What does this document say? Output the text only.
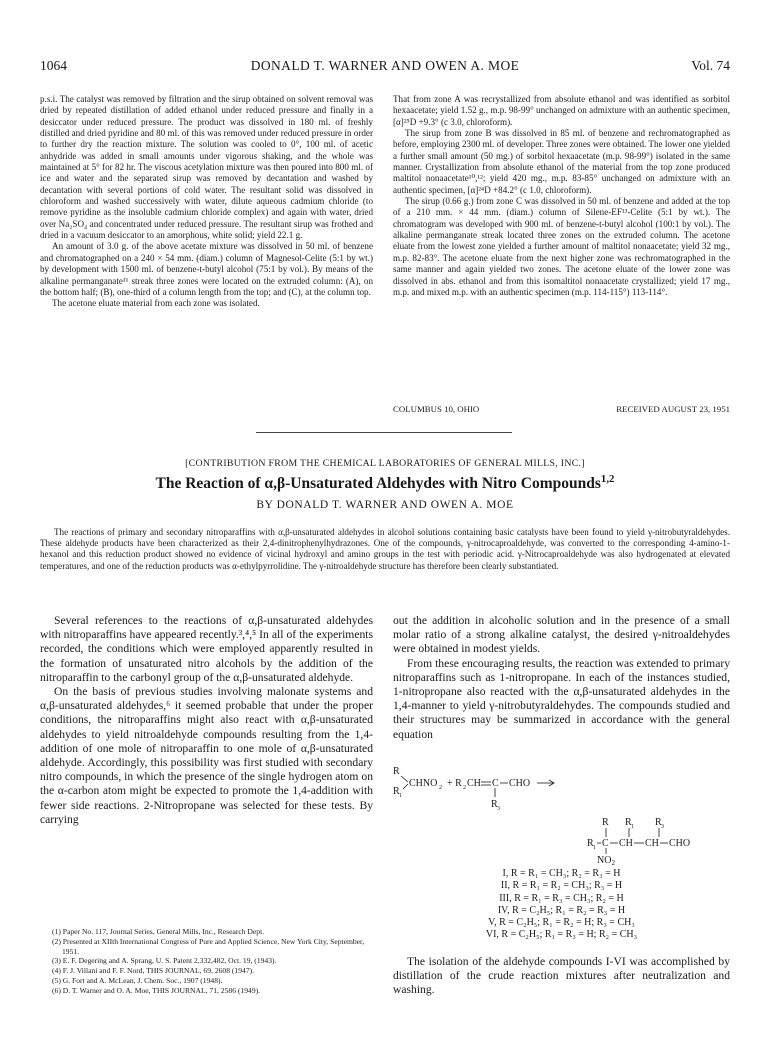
1064	DONALD T. WARNER AND OWEN A. MOE	Vol. 74

p.s.i. The catalyst was removed by filtration and the sirup obtained on solvent removal was dried by repeated distillation of added ethanol under reduced pressure and finally in a desiccator under reduced pressure. The product was dissolved in 180 ml. of freshly distilled and dried pyridine and 80 ml. of this was removed under reduced pressure in order to further dry the reaction mixture. The solution was cooled to 0°, 100 ml. of acetic anhydride was added in small amounts under vigorous shaking, and the whole was maintained at 5° for 82 hr. The viscous acetylation mixture was then poured into 800 ml. of ice and water and the separated sirup was removed by decantation and washed by decantation with several portions of cold water. The resultant solid was dissolved in chloroform and washed successively with water, dilute aqueous cadmium chloride (to remove pyridine as the insoluble cadmium chloride complex) and again with water, dried over Na₂SO₄ and concentrated under reduced pressure. The resultant sirup was frothed and dried in a vacuum desiccator to an amorphous, white solid; yield 22.1 g.

An amount of 3.0 g. of the above acetate mixture was dissolved in 50 ml. of benzene and chromatographed on a 240 × 54 mm. (diam.) column of Magnesol-Celite (5:1 by wt.) by development with 1500 ml. of benzene-t-butyl alcohol (75:1 by vol.). By means of the alkaline permanganate¹¹ streak three zones were located on the extruded column: (A), on the bottom half; (B), one-third of a column length from the top; and (C), at the column top.

The acetone eluate material from each zone was isolated.

That from zone A was recrystallized from absolute ethanol and was identified as sorbitol hexaacetate; yield 1.52 g., m.p. 98-99° unchanged on admixture with an authentic specimen, [α]²⁵D +9.3° (c 3.0, chloroform).

The sirup from zone B was dissolved in 85 ml. of benzene and rechromatographed as before, employing 2300 ml. of developer. Three zones were obtained. The lower one yielded a further small amount (50 mg.) of sorbitol hexaacetate (m.p. 98-99°) isolated in the same manner. Crystallization from absolute ethanol of the material from the top zone produced maltitol nonaacetate¹⁰,¹²; yield 420 mg., m.p. 83-85° unchanged on admixture with an authentic specimen, [α]²⁴D +84.2° (c 1.0, chloroform).

The sirup (0.66 g.) from zone C was dissolved in 50 ml. of benzene and added at the top of a 210 mm. × 44 mm. (diam.) column of Silene-EF¹³-Celite (5:1 by wt.). The chromatogram was developed with 900 ml. of benzene-t-butyl alcohol (100:1 by vol.). The alkaline permanganate streak located three zones on the extruded column. The acetone eluate from the lowest zone yielded a further amount of maltitol nonaacetate; yield 32 mg., m.p. 82-83°. The acetone eluate from the next higher zone was rechromatographed in the same manner and again yielded two zones. The acetone eluate of the lower zone was dissolved in abs. ethanol and from this isomaltitol nonaacetate crystallized; yield 17 mg., m.p. and mixed m.p. with an authentic specimen (m.p. 114-115°) 113-114°.

COLUMBUS 10, OHIO	RECEIVED AUGUST 23, 1951
[CONTRIBUTION FROM THE CHEMICAL LABORATORIES OF GENERAL MILLS, INC.]
The Reaction of α,β-Unsaturated Aldehydes with Nitro Compounds$^{1,2}$
BY DONALD T. WARNER AND OWEN A. MOE

The reactions of primary and secondary nitroparaffins with α,β-unsaturated aldehydes in alcohol solutions containing basic catalysts have been found to yield γ-nitrobutyraldehydes. These aldehyde products have been characterized as their 2,4-dinitrophenylhydrazones. One of the compounds, γ-nitrocaproaldehyde, was converted to the corresponding 4-amino-1-hexanol and this reduction product showed no evidence of vicinal hydroxyl and amino groups in the test with periodic acid. γ-Nitrocaproaldehyde was also hydrogenated at elevated temperatures, and one of the reduction products was α-ethylpyrrolidine. The γ-nitroaldehyde structure has therefore been clearly substantiated.

Several references to the reactions of α,β-unsaturated aldehydes with nitroparaffins have appeared recently.³,⁴,⁵ In all of the experiments recorded, the conditions which were employed apparently resulted in the formation of unsaturated nitro alcohols by the addition of the nitroparaffin to the carbonyl group of the α,β-unsaturated aldehyde.

On the basis of previous studies involving malonate systems and α,β-unsaturated aldehydes,⁶ it seemed probable that under the proper conditions, the nitroparaffins might also react with α,β-unsaturated aldehydes to yield nitroaldehyde compounds resulting from the 1,4-addition of one mole of nitroparaffin to one mole of α,β-unsaturated aldehyde. Accordingly, this possibility was first studied with secondary nitro compounds, in which the presence of the single hydrogen atom on the α-carbon atom might be expected to promote the 1,4-addition with fewer side reactions. 2-Nitropropane was selected for these tests. By carrying

(1) Paper No. 117, Journal Series, General Mills, Inc., Research Dept.
(2) Presented at XIIth International Congress of Pure and Applied Science, New York City, September, 1951.
(3) E. F. Degering and A. Sprang, U. S. Patent 2,332,482, Oct. 19, (1943).
(4) F. J. Villani and F. F. Nord, THIS JOURNAL, 69, 2608 (1947).
(5) G. Fort and A. McLean, J. Chem. Soc., 1907 (1948).
(6) D. T. Warner and O. A. Moe, THIS JOURNAL, 71, 2586 (1949).

out the addition in alcoholic solution and in the presence of a small molar ratio of a strong alkaline catalyst, the desired γ-nitroaldehydes were obtained in modest yields.

From these encouraging results, the reaction was extended to primary nitroparaffins such as 1-nitropropane. In each of the instances studied, 1-nitropropane also reacted with the α,β-unsaturated aldehydes in the 1,4-manner to yield γ-nitrobutyraldehydes. The compounds studied and their structures may be summarized in accordance with the general equation

R
R 1
CHNO 2 + R 2 CH C CHO
R 3
R R 1 R 3
R 1 C CH CH CHO
$NO_2$
I, R = R₁ = CH₃; R₂ = R₃ = H
II, R = R₁ = R₂ = CH₃; R₃ = H
III, R = R₁ = R₃ = CH₃; R₂ = H
IV, R = C₂H₅; R₁ = R₂ = R₃ = H
V, R = C₂H₅; R₁ = R₂ = H; R₃ = CH₃
VI, R = C₂H₅; R₁ = R₃ = H; R₂ = CH₃

The isolation of the aldehyde compounds I-VI was accomplished by distillation of the crude reaction mixtures after neutralization and washing.
